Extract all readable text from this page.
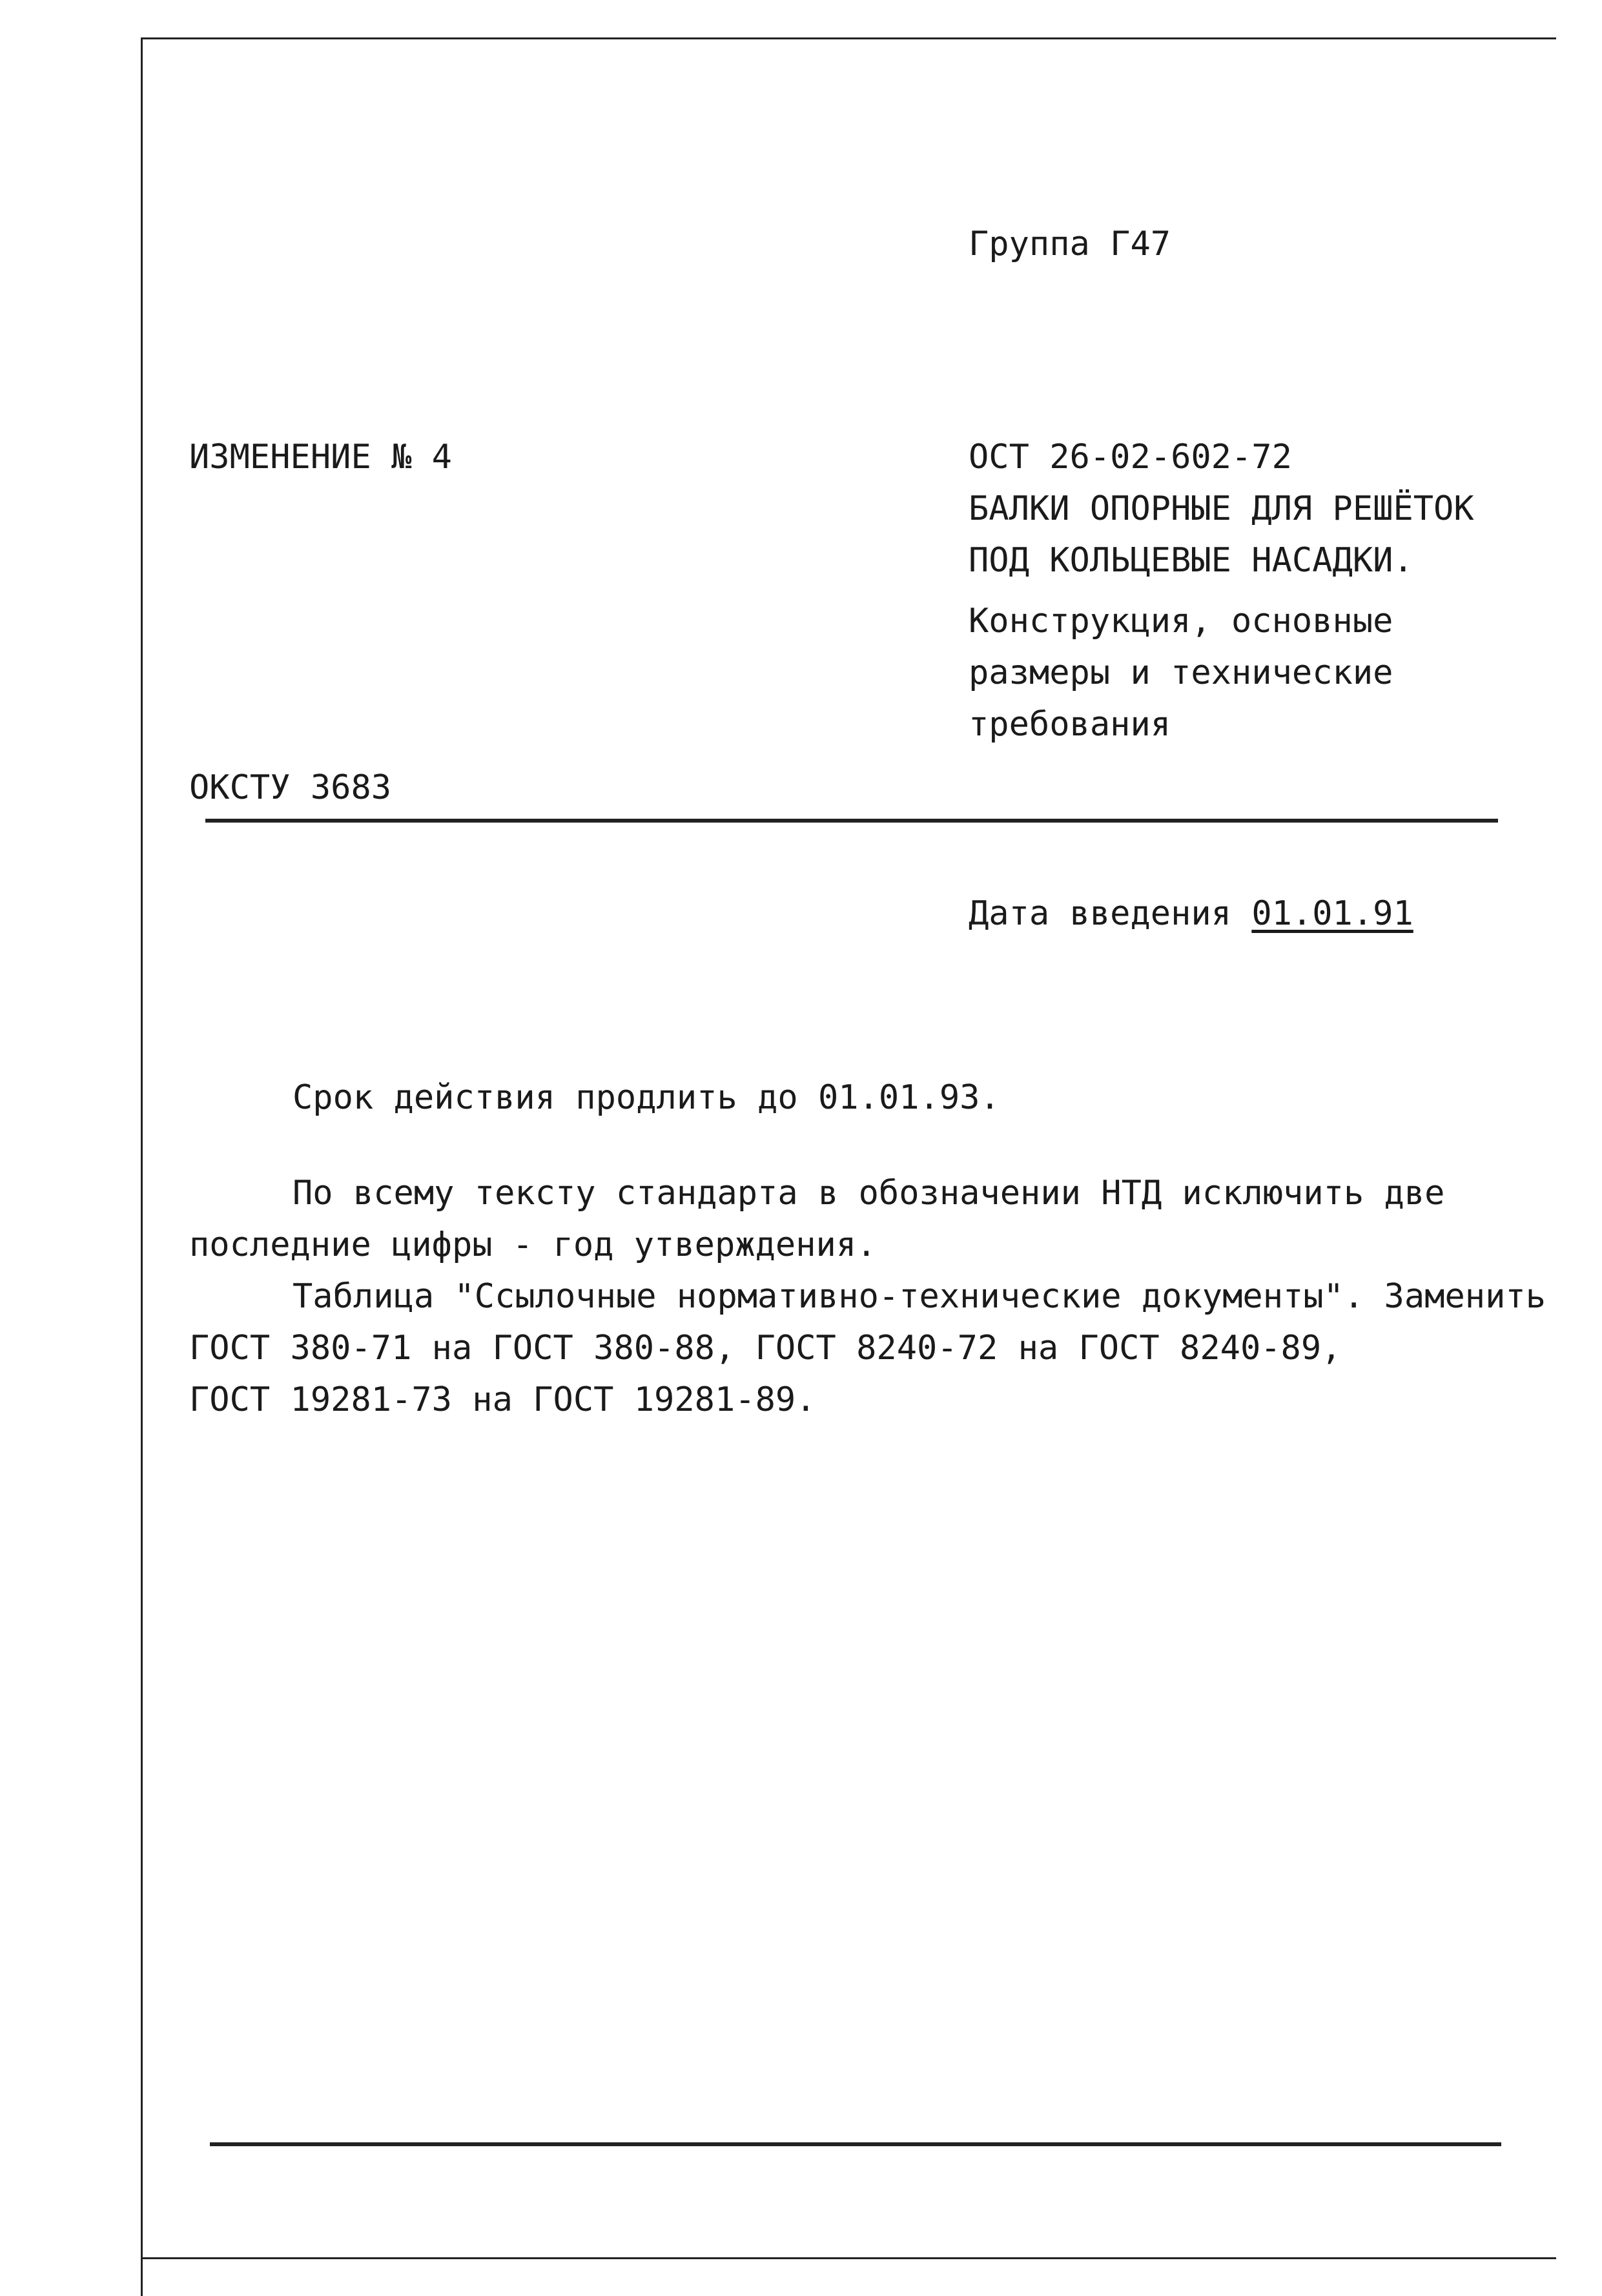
Группа Г47
ИЗМЕНЕНИЕ № 4	ОСТ 26-02-602-72
БАЛКИ ОПОРНЫЕ ДЛЯ РЕШЁТОК
ПОД КОЛЬЦЕВЫЕ НАСАДКИ.
Конструкция, основные
размеры и технические
требования
ОКСТУ 3683
Дата введения 01.01.91
Срок действия продлить до 01.01.93.
По всему тексту стандарта в обозначении НТД исключить две
последние цифры - год утверждения.
Таблица "Ссылочные нормативно-технические документы". Заменить
ГОСТ 380-71 на ГОСТ 380-88, ГОСТ 8240-72 на ГОСТ 8240-89,
ГОСТ 19281-73 на ГОСТ 19281-89.
